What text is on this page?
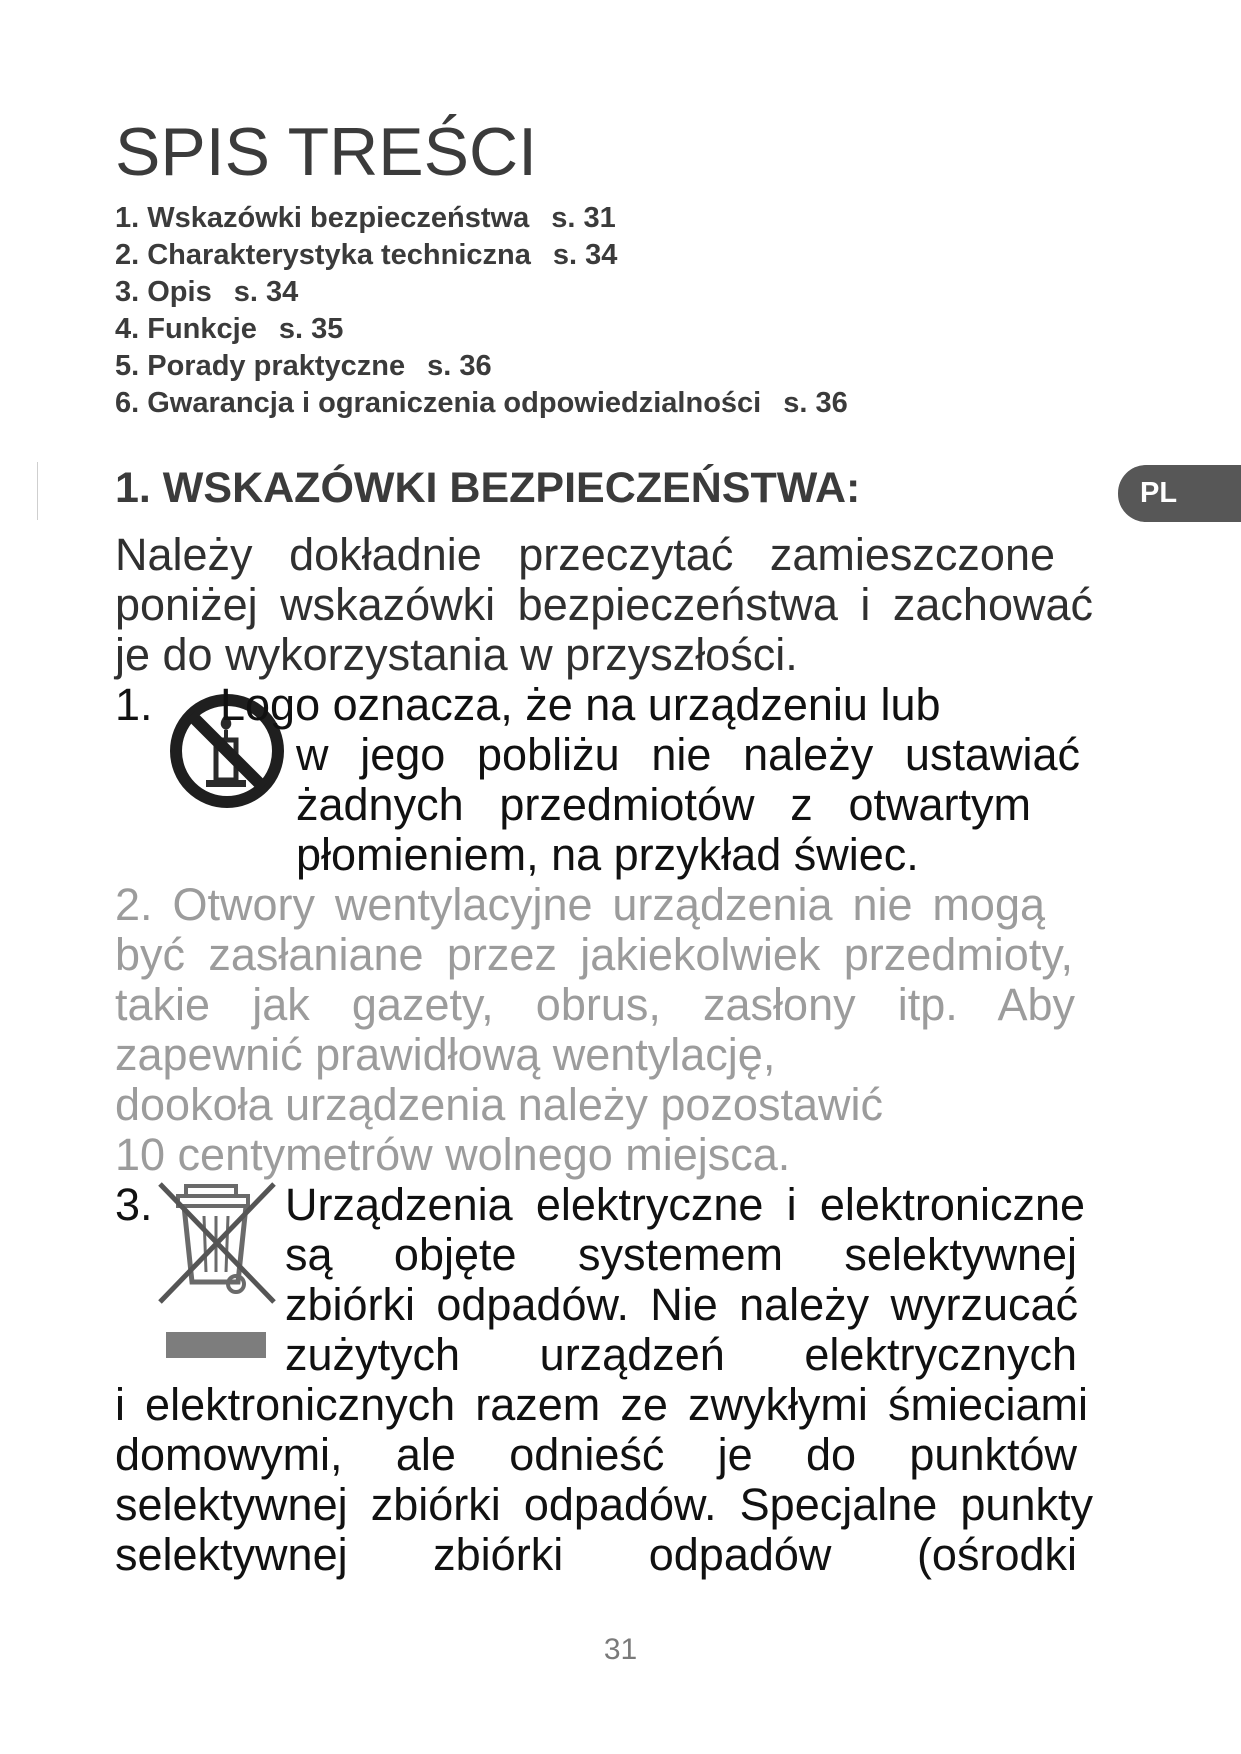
SPIS TREŚCI
1. Wskazówki bezpieczeństwa s. 31
2. Charakterystyka techniczna s. 34
3. Opis s. 34
4. Funkcje s. 35
5. Porady praktyczne s. 36
6. Gwarancja i ograniczenia odpowiedzialności s. 36
1. WSKAZÓWKI BEZPIECZEŃSTWA:	PL

Należy dokładnie przeczytać zamieszczone

poniżej wskazówki bezpieczeństwa i zachować

je do wykorzystania w przyszłości.

1. Logo oznacza, że na urządzeniu lub

w jego pobliżu nie należy ustawiać

żadnych przedmiotów z otwartym

płomieniem, na przykład świec.

2. Otwory wentylacyjne urządzenia nie mogą

być zasłaniane przez jakiekolwiek przedmioty,

takie jak gazety, obrus, zasłony itp. Aby

zapewnić prawidłową wentylację,

dookoła urządzenia należy pozostawić

10 centymetrów wolnego miejsca.

3.	Urządzenia elektryczne i elektroniczne

są objęte systemem selektywnej

zbiórki odpadów. Nie należy wyrzucać

zużytych urządzeń elektrycznych

i elektronicznych razem ze zwykłymi śmieciami

domowymi, ale odnieść je do punktów

selektywnej zbiórki odpadów. Specjalne punkty

selektywnej zbiórki odpadów (ośrodki

31
